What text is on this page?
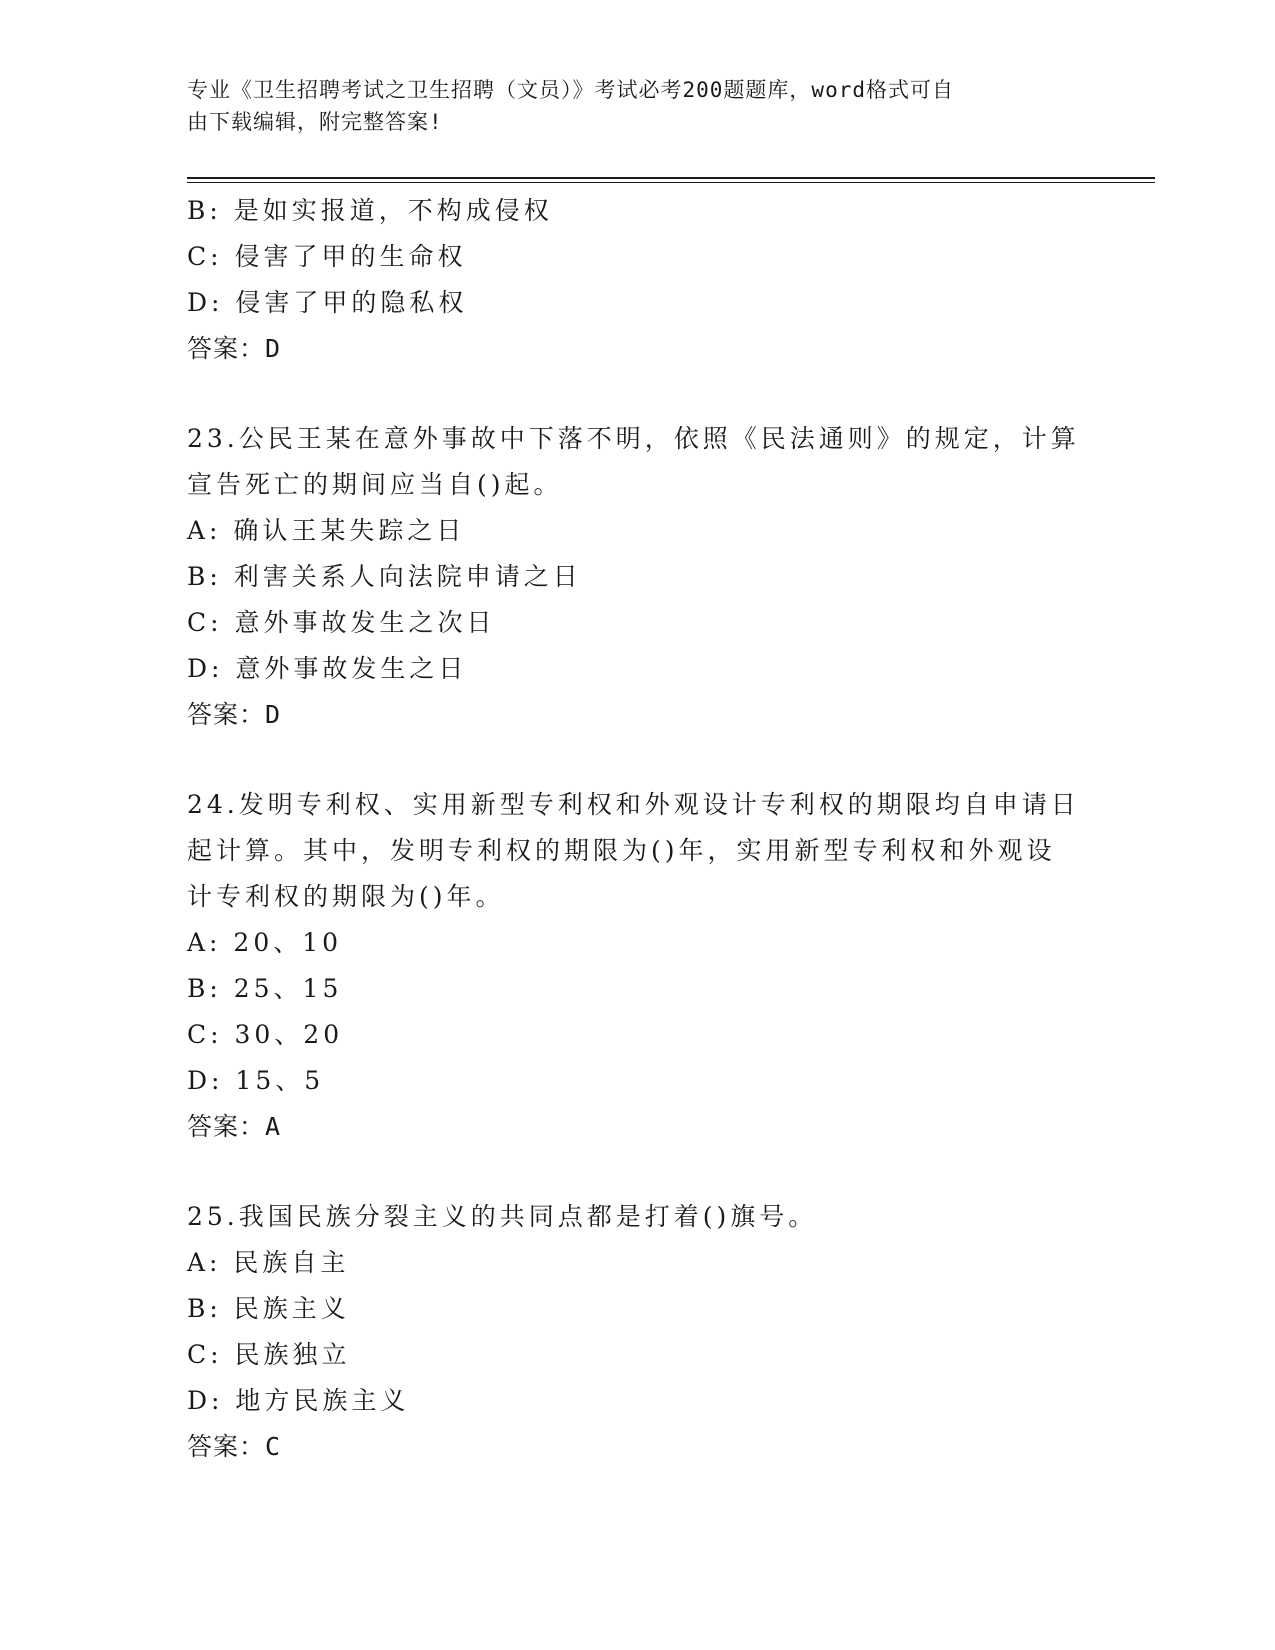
专业《卫生招聘考试之卫生招聘（文员）》考试必考200题题库，word格式可自
由下载编辑，附完整答案!
B: 是如实报道，不构成侵权
C: 侵害了甲的生命权
D: 侵害了甲的隐私权
答案：D
23.公民王某在意外事故中下落不明，依照《民法通则》的规定，计算
宣告死亡的期间应当自()起。
A: 确认王某失踪之日
B: 利害关系人向法院申请之日
C: 意外事故发生之次日
D: 意外事故发生之日
答案：D
24.发明专利权、实用新型专利权和外观设计专利权的期限均自申请日
起计算。其中，发明专利权的期限为()年，实用新型专利权和外观设
计专利权的期限为()年。
A: 20、10
B: 25、15
C: 30、20
D: 15、5
答案：A
25.我国民族分裂主义的共同点都是打着()旗号。
A: 民族自主
B: 民族主义
C: 民族独立
D: 地方民族主义
答案：C
